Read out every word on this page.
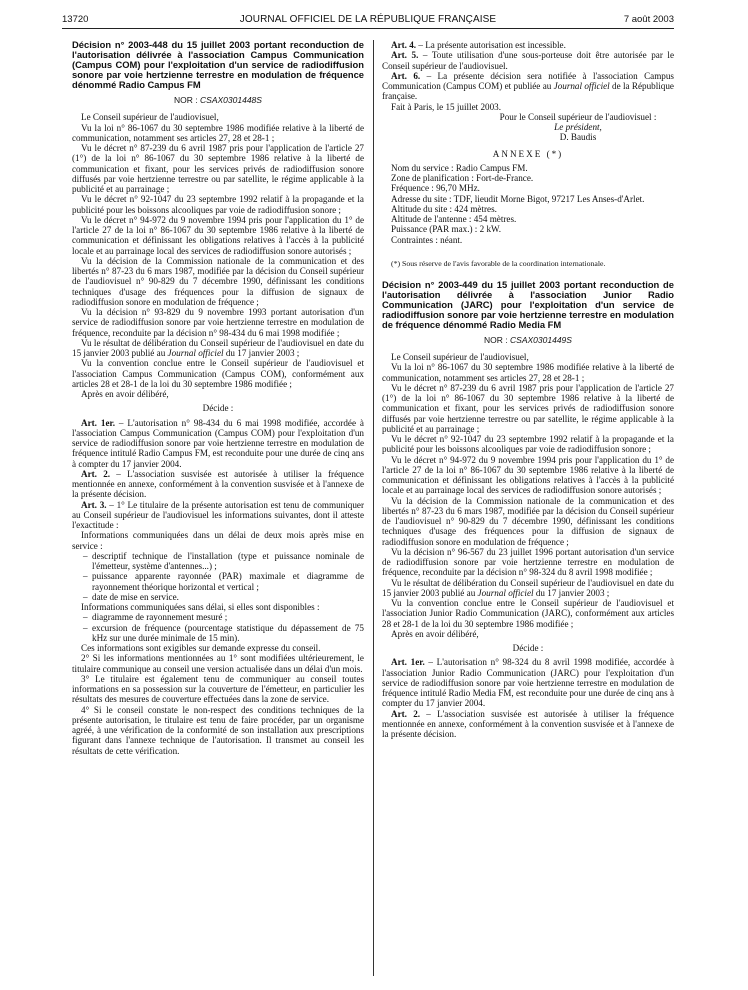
13720	JOURNAL OFFICIEL DE LA RÉPUBLIQUE FRANÇAISE	7 août 2003

Décision n° 2003-448 du 15 juillet 2003 portant reconduction de l'autorisation délivrée à l'association Campus Communication (Campus COM) pour l'exploitation d'un service de radiodiffusion sonore par voie hertzienne terrestre en modulation de fréquence dénommé Radio Campus FM

NOR : CSAX0301448S

Le Conseil supérieur de l'audiovisuel,

Vu la loi n° 86-1067 du 30 septembre 1986 modifiée relative à la liberté de communication, notamment ses articles 27, 28 et 28-1 ;

Vu le décret n° 87-239 du 6 avril 1987 pris pour l'application de l'article 27 (1°) de la loi n° 86-1067 du 30 septembre 1986 relative à la liberté de communication et fixant, pour les services privés de radiodiffusion sonore diffusés par voie hertzienne terrestre ou par satellite, le régime applicable à la publicité et au parrainage ;

Vu le décret n° 92-1047 du 23 septembre 1992 relatif à la propagande et la publicité pour les boissons alcooliques par voie de radiodiffusion sonore ;

Vu le décret n° 94-972 du 9 novembre 1994 pris pour l'application du 1° de l'article 27 de la loi n° 86-1067 du 30 septembre 1986 relative à la liberté de communication et définissant les obligations relatives à l'accès à la publicité locale et au parrainage local des services de radiodiffusion sonore autorisés ;

Vu la décision de la Commission nationale de la communication et des libertés n° 87-23 du 6 mars 1987, modifiée par la décision du Conseil supérieur de l'audiovisuel n° 90-829 du 7 décembre 1990, définissant les conditions techniques d'usage des fréquences pour la diffusion de signaux de radiodiffusion sonore en modulation de fréquence ;

Vu la décision n° 93-829 du 9 novembre 1993 portant autorisation d'un service de radiodiffusion sonore par voie hertzienne terrestre en modulation de fréquence, reconduite par la décision n° 98-434 du 6 mai 1998 modifiée ;

Vu le résultat de délibération du Conseil supérieur de l'audiovisuel en date du 15 janvier 2003 publié au Journal officiel du 17 janvier 2003 ;

Vu la convention conclue entre le Conseil supérieur de l'audiovisuel et l'association Campus Communication (Campus COM), conformément aux articles 28 et 28-1 de la loi du 30 septembre 1986 modifiée ;

Après en avoir délibéré,

Décide :

Art. 1er. – L'autorisation n° 98-434 du 6 mai 1998 modifiée, accordée à l'association Campus Communication (Campus COM) pour l'exploitation d'un service de radiodiffusion sonore par voie hertzienne terrestre en modulation de fréquence intitulé Radio Campus FM, est reconduite pour une durée de cinq ans à compter du 17 janvier 2004.

Art. 2. – L'association susvisée est autorisée à utiliser la fréquence mentionnée en annexe, conformément à la convention susvisée et à l'annexe de la présente décision.

Art. 3. – 1° Le titulaire de la présente autorisation est tenu de communiquer au Conseil supérieur de l'audiovisuel les informations suivantes, dont il atteste l'exactitude :

Informations communiquées dans un délai de deux mois après mise en service :

– descriptif technique de l'installation (type et puissance nominale de l'émetteur, système d'antennes...) ;

– puissance apparente rayonnée (PAR) maximale et diagramme de rayonnement théorique horizontal et vertical ;

– date de mise en service.

Informations communiquées sans délai, si elles sont disponibles :

– diagramme de rayonnement mesuré ;

– excursion de fréquence (pourcentage statistique du dépassement de 75 kHz sur une durée minimale de 15 min).

Ces informations sont exigibles sur demande expresse du conseil.

2° Si les informations mentionnées au 1° sont modifiées ultérieurement, le titulaire communique au conseil une version actualisée dans un délai d'un mois.

3° Le titulaire est également tenu de communiquer au conseil toutes informations en sa possession sur la couverture de l'émetteur, en particulier les résultats des mesures de couverture effectuées dans la zone de service.

4° Si le conseil constate le non-respect des conditions techniques de la présente autorisation, le titulaire est tenu de faire procéder, par un organisme agréé, à une vérification de la conformité de son installation aux prescriptions figurant dans l'annexe technique de l'autorisation. Il transmet au conseil les résultats de cette vérification.

Art. 4. – La présente autorisation est incessible.

Art. 5. – Toute utilisation d'une sous-porteuse doit être autorisée par le Conseil supérieur de l'audiovisuel.

Art. 6. – La présente décision sera notifiée à l'association Campus Communication (Campus COM) et publiée au Journal officiel de la République française.

Fait à Paris, le 15 juillet 2003.

Pour le Conseil supérieur de l'audiovisuel :

Le président,

D. Baudis

ANNEXE (*)

Nom du service : Radio Campus FM.

Zone de planification : Fort-de-France.

Fréquence : 96,70 MHz.

Adresse du site : TDF, lieudit Morne Bigot, 97217 Les Anses-d'Arlet.

Altitude du site : 424 mètres.

Altitude de l'antenne : 454 mètres.

Puissance (PAR max.) : 2 kW.

Contraintes : néant.

(*) Sous réserve de l'avis favorable de la coordination internationale.

Décision n° 2003-449 du 15 juillet 2003 portant reconduction de l'autorisation délivrée à l'association Junior Radio Communication (JARC) pour l'exploitation d'un service de radiodiffusion sonore par voie hertzienne terrestre en modulation de fréquence dénommé Radio Media FM

NOR : CSAX0301449S

Le Conseil supérieur de l'audiovisuel,

Vu la loi n° 86-1067 du 30 septembre 1986 modifiée relative à la liberté de communication, notamment ses articles 27, 28 et 28-1 ;

Vu le décret n° 87-239 du 6 avril 1987 pris pour l'application de l'article 27 (1°) de la loi n° 86-1067 du 30 septembre 1986 relative à la liberté de communication et fixant, pour les services privés de radiodiffusion sonore diffusés par voie hertzienne terrestre ou par satellite, le régime applicable à la publicité et au parrainage ;

Vu le décret n° 92-1047 du 23 septembre 1992 relatif à la propagande et la publicité pour les boissons alcooliques par voie de radiodiffusion sonore ;

Vu le décret n° 94-972 du 9 novembre 1994 pris pour l'application du 1° de l'article 27 de la loi n° 86-1067 du 30 septembre 1986 relative à la liberté de communication et définissant les obligations relatives à l'accès à la publicité locale et au parrainage local des services de radiodiffusion sonore autorisés ;

Vu la décision de la Commission nationale de la communication et des libertés n° 87-23 du 6 mars 1987, modifiée par la décision du Conseil supérieur de l'audiovisuel n° 90-829 du 7 décembre 1990, définissant les conditions techniques d'usage des fréquences pour la diffusion de signaux de radiodiffusion sonore en modulation de fréquence ;

Vu la décision n° 96-567 du 23 juillet 1996 portant autorisation d'un service de radiodiffusion sonore par voie hertzienne terrestre en modulation de fréquence, reconduite par la décision n° 98-324 du 8 avril 1998 modifiée ;

Vu le résultat de délibération du Conseil supérieur de l'audiovisuel en date du 15 janvier 2003 publié au Journal officiel du 17 janvier 2003 ;

Vu la convention conclue entre le Conseil supérieur de l'audiovisuel et l'association Junior Radio Communication (JARC), conformément aux articles 28 et 28-1 de la loi du 30 septembre 1986 modifiée ;

Après en avoir délibéré,

Décide :

Art. 1er. – L'autorisation n° 98-324 du 8 avril 1998 modifiée, accordée à l'association Junior Radio Communication (JARC) pour l'exploitation d'un service de radiodiffusion sonore par voie hertzienne terrestre en modulation de fréquence intitulé Radio Media FM, est reconduite pour une durée de cinq ans à compter du 17 janvier 2004.

Art. 2. – L'association susvisée est autorisée à utiliser la fréquence mentionnée en annexe, conformément à la convention susvisée et à l'annexe de la présente décision.
